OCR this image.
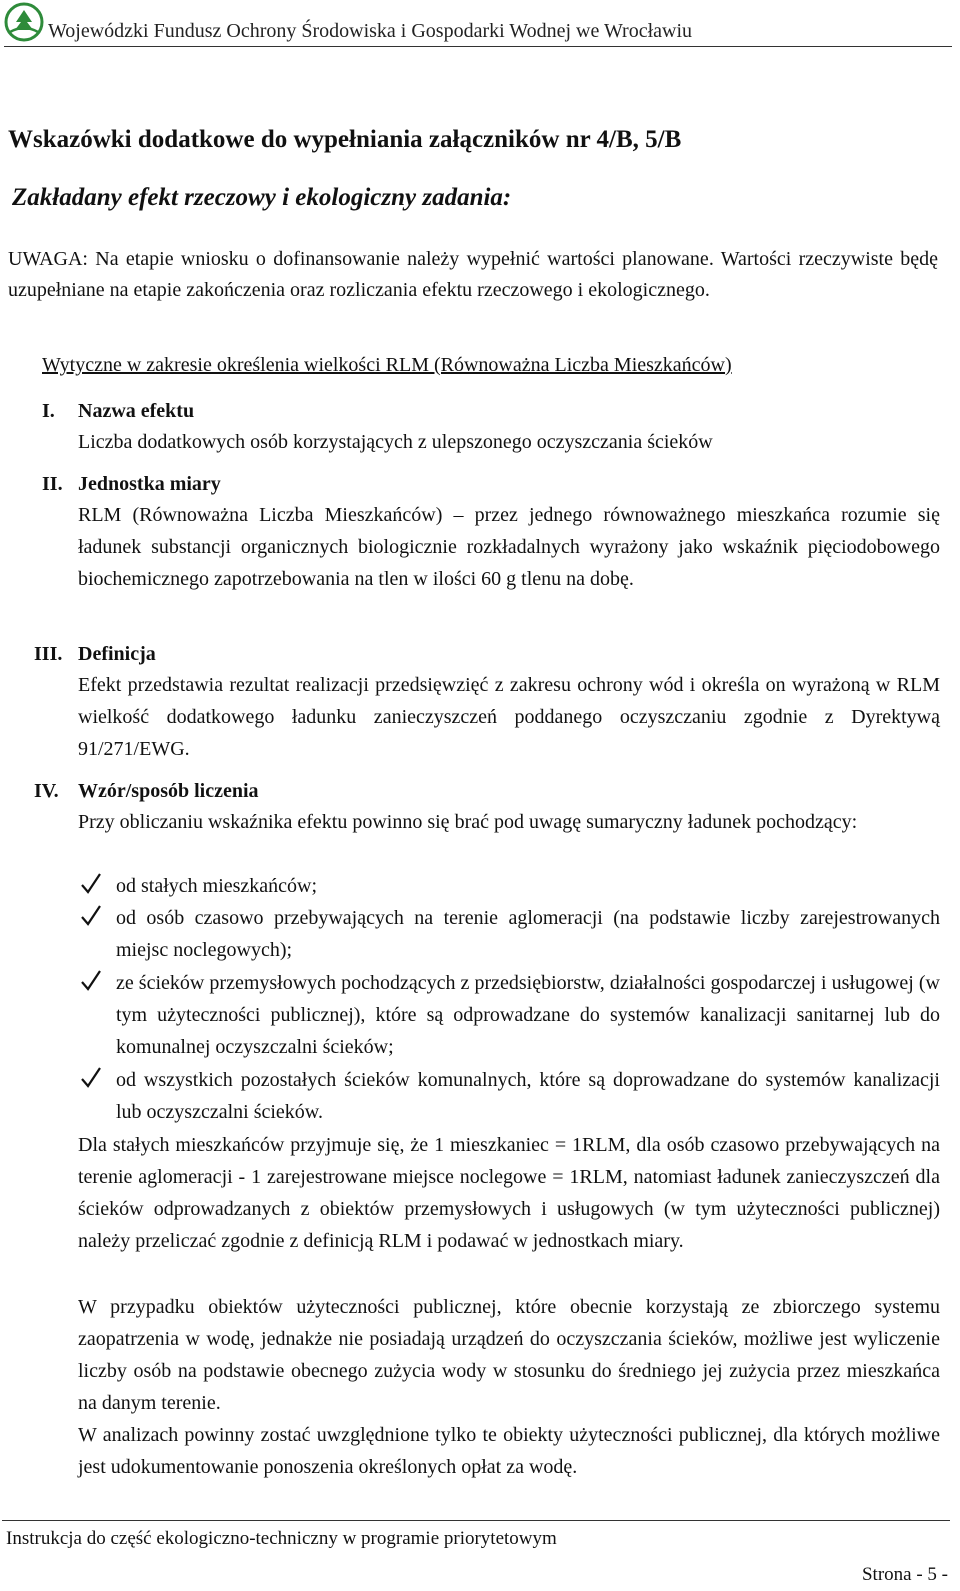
Wojewódzki Fundusz Ochrony Środowiska i Gospodarki Wodnej we Wrocławiu
Wskazówki dodatkowe do wypełniania załączników nr 4/B, 5/B
Zakładany efekt rzeczowy i ekologiczny zadania:

UWAGA: Na etapie wniosku o dofinansowanie należy wypełnić wartości planowane. Wartości rzeczywiste będę uzupełniane na etapie zakończenia oraz rozliczania efektu rzeczowego i ekologicznego.

Wytyczne w zakresie określenia wielkości RLM (Równoważna Liczba Mieszkańców)
I. Nazwa efektu

Liczba dodatkowych osób korzystających z ulepszonego oczyszczania ścieków

II. Jednostka miary

RLM (Równoważna Liczba Mieszkańców) – przez jednego równoważnego mieszkańca rozumie się ładunek substancji organicznych biologicznie rozkładalnych wyrażony jako wskaźnik pięciodobowego biochemicznego zapotrzebowania na tlen w ilości 60 g tlenu na dobę.

III. Definicja

Efekt przedstawia rezultat realizacji przedsięwzięć z zakresu ochrony wód i określa on wyrażoną w RLM wielkość dodatkowego ładunku zanieczyszczeń poddanego oczyszczaniu zgodnie z Dyrektywą 91/271/EWG.

IV. Wzór/sposób liczenia

Przy obliczaniu wskaźnika efektu powinno się brać pod uwagę sumaryczny ładunek pochodzący:

od stałych mieszkańców;
od osób czasowo przebywających na terenie aglomeracji (na podstawie liczby zarejestrowanych miejsc noclegowych);
ze ścieków przemysłowych pochodzących z przedsiębiorstw, działalności gospodarczej i usługowej (w tym użyteczności publicznej), które są odprowadzane do systemów kanalizacji sanitarnej lub do komunalnej oczyszczalni ścieków;
od wszystkich pozostałych ścieków komunalnych, które są doprowadzane do systemów kanalizacji lub oczyszczalni ścieków.

Dla stałych mieszkańców przyjmuje się, że 1 mieszkaniec = 1RLM, dla osób czasowo przebywających na terenie aglomeracji - 1 zarejestrowane miejsce noclegowe = 1RLM, natomiast ładunek zanieczyszczeń dla ścieków odprowadzanych z obiektów przemysłowych i usługowych (w tym użyteczności publicznej) należy przeliczać zgodnie z definicją RLM i podawać w jednostkach miary.

W przypadku obiektów użyteczności publicznej, które obecnie korzystają ze zbiorczego systemu zaopatrzenia w wodę, jednakże nie posiadają urządzeń do oczyszczania ścieków, możliwe jest wyliczenie liczby osób na podstawie obecnego zużycia wody w stosunku do średniego jej zużycia przez mieszkańca na danym terenie.

W analizach powinny zostać uwzględnione tylko te obiekty użyteczności publicznej, dla których możliwe jest udokumentowanie ponoszenia określonych opłat za wodę.

Instrukcja do część ekologiczno-techniczny w programie priorytetowym
Strona - 5 -
